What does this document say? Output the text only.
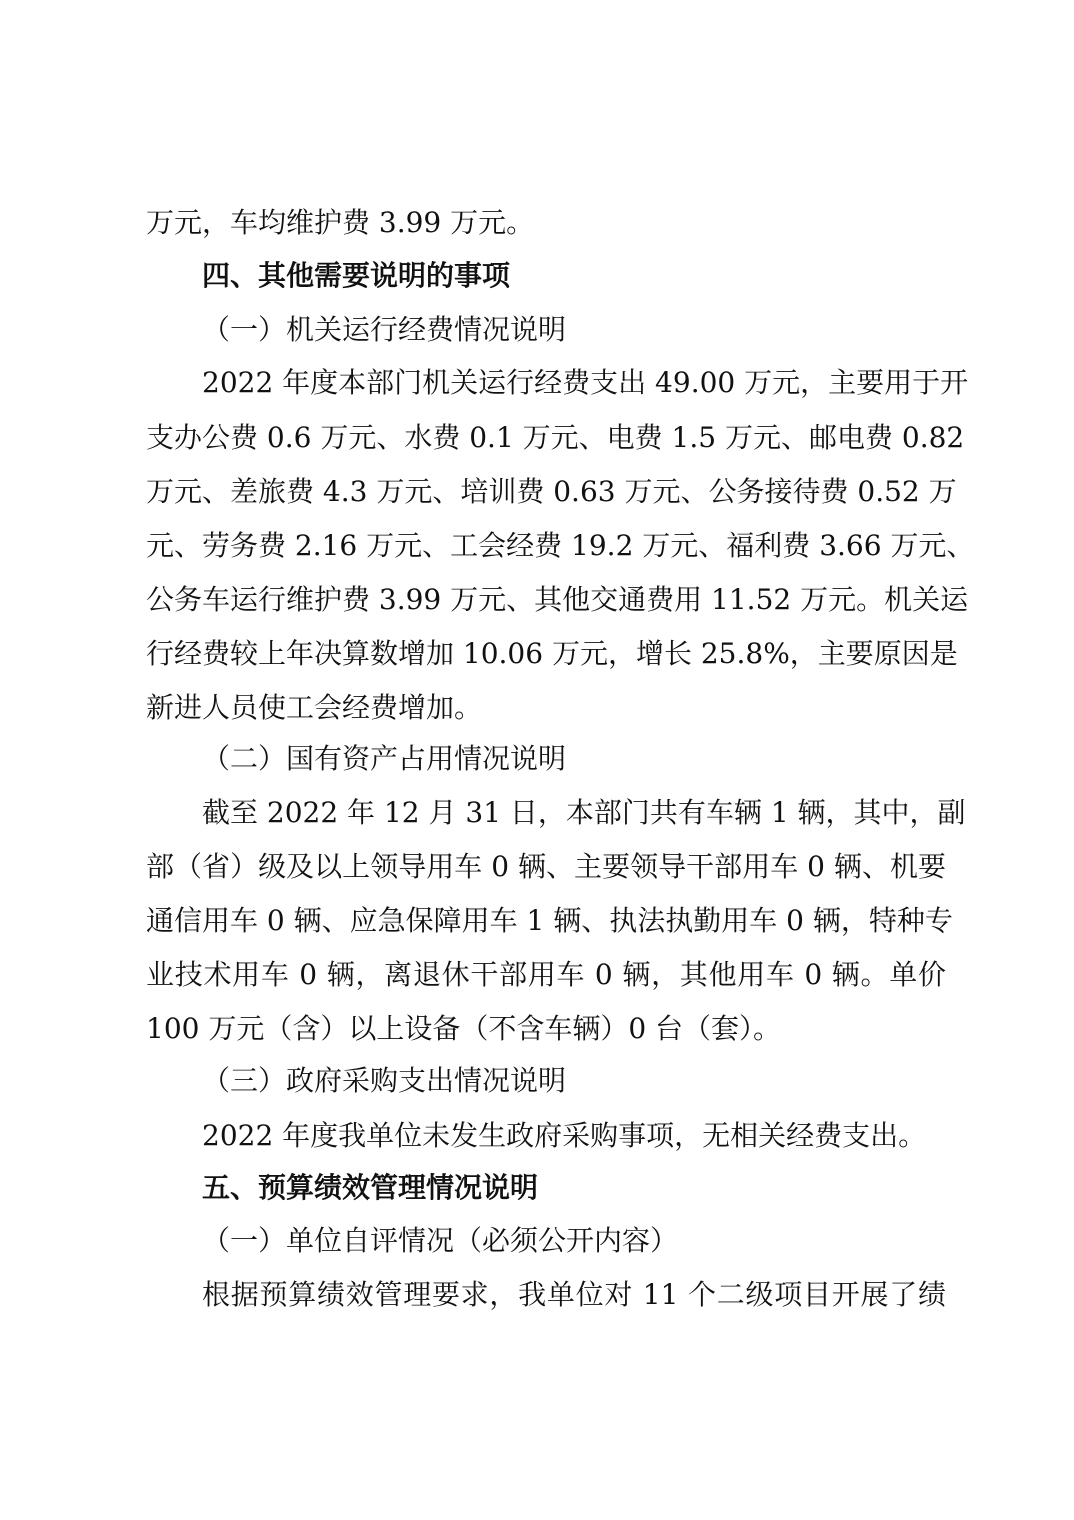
万元，车均维护费 3.99 万元。
四、其他需要说明的事项
（一）机关运行经费情况说明
2022 年度本部门机关运行经费支出 49.00 万元，主要用于开
支办公费 0.6 万元、水费 0.1 万元、电费 1.5 万元、邮电费 0.82
万元、差旅费 4.3 万元、培训费 0.63 万元、公务接待费 0.52 万
元、劳务费 2.16 万元、工会经费 19.2 万元、福利费 3.66 万元、
公务车运行维护费 3.99 万元、其他交通费用 11.52 万元。机关运
行经费较上年决算数增加 10.06 万元，增长 25.8%，主要原因是
新进人员使工会经费增加。
（二）国有资产占用情况说明
截至 2022 年 12 月 31 日，本部门共有车辆 1 辆，其中，副
部（省）级及以上领导用车 0 辆、主要领导干部用车 0 辆、机要
通信用车 0 辆、应急保障用车 1 辆、执法执勤用车 0 辆，特种专
业技术用车 0 辆，离退休干部用车 0 辆，其他用车 0 辆。单价
100 万元（含）以上设备（不含车辆）0 台（套）。
（三）政府采购支出情况说明
2022 年度我单位未发生政府采购事项，无相关经费支出。
五、预算绩效管理情况说明
（一）单位自评情况（必须公开内容）
根据预算绩效管理要求，我单位对 11 个二级项目开展了绩
